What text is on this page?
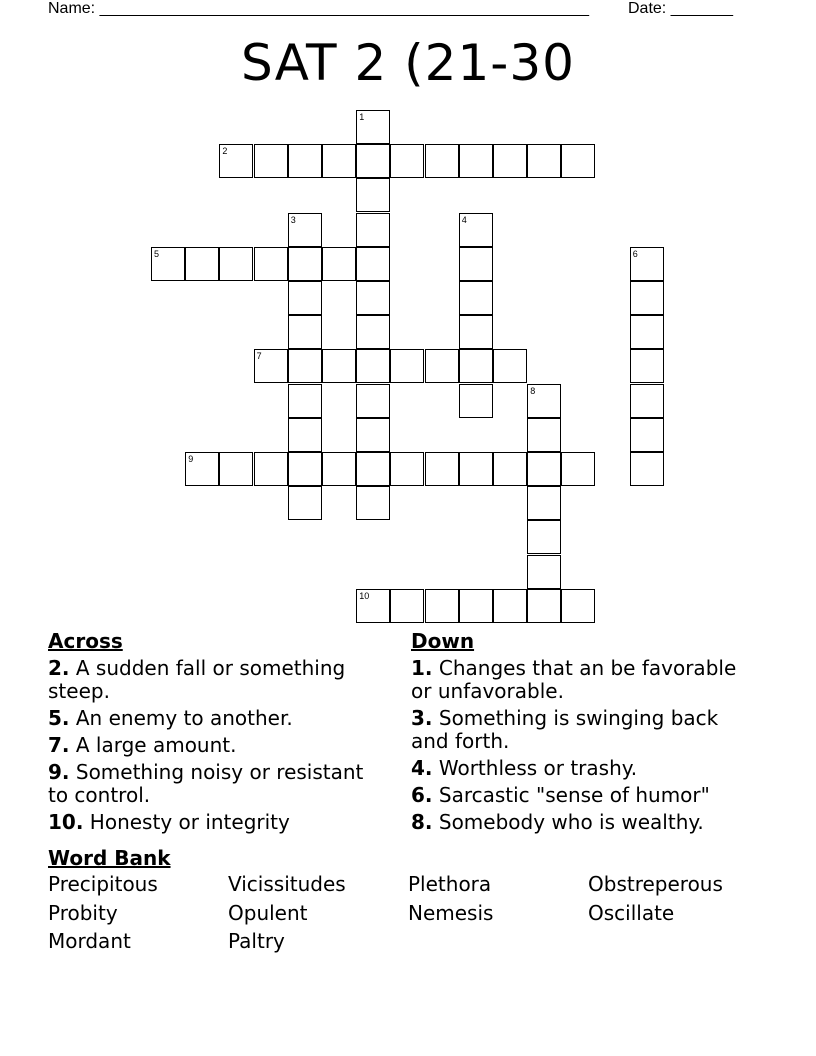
Name: _______________________________________________________ Date: _______
SAT 2 (21-30
1
2
3	4
5	6
7
8
9
10
Across
2. A sudden fall or something steep.
5. An enemy to another.
7. A large amount.
9. Something noisy or resistant to control.
10. Honesty or integrity
Down
1. Changes that an be favorable or unfavorable.
3. Something is swinging back and forth.
4. Worthless or trashy.
6. Sarcastic "sense of humor"
8. Somebody who is wealthy.
Word Bank
Precipitous	Vicissitudes	Plethora	Obstreperous
Probity	Opulent	Nemesis	Oscillate
Mordant	Paltry
